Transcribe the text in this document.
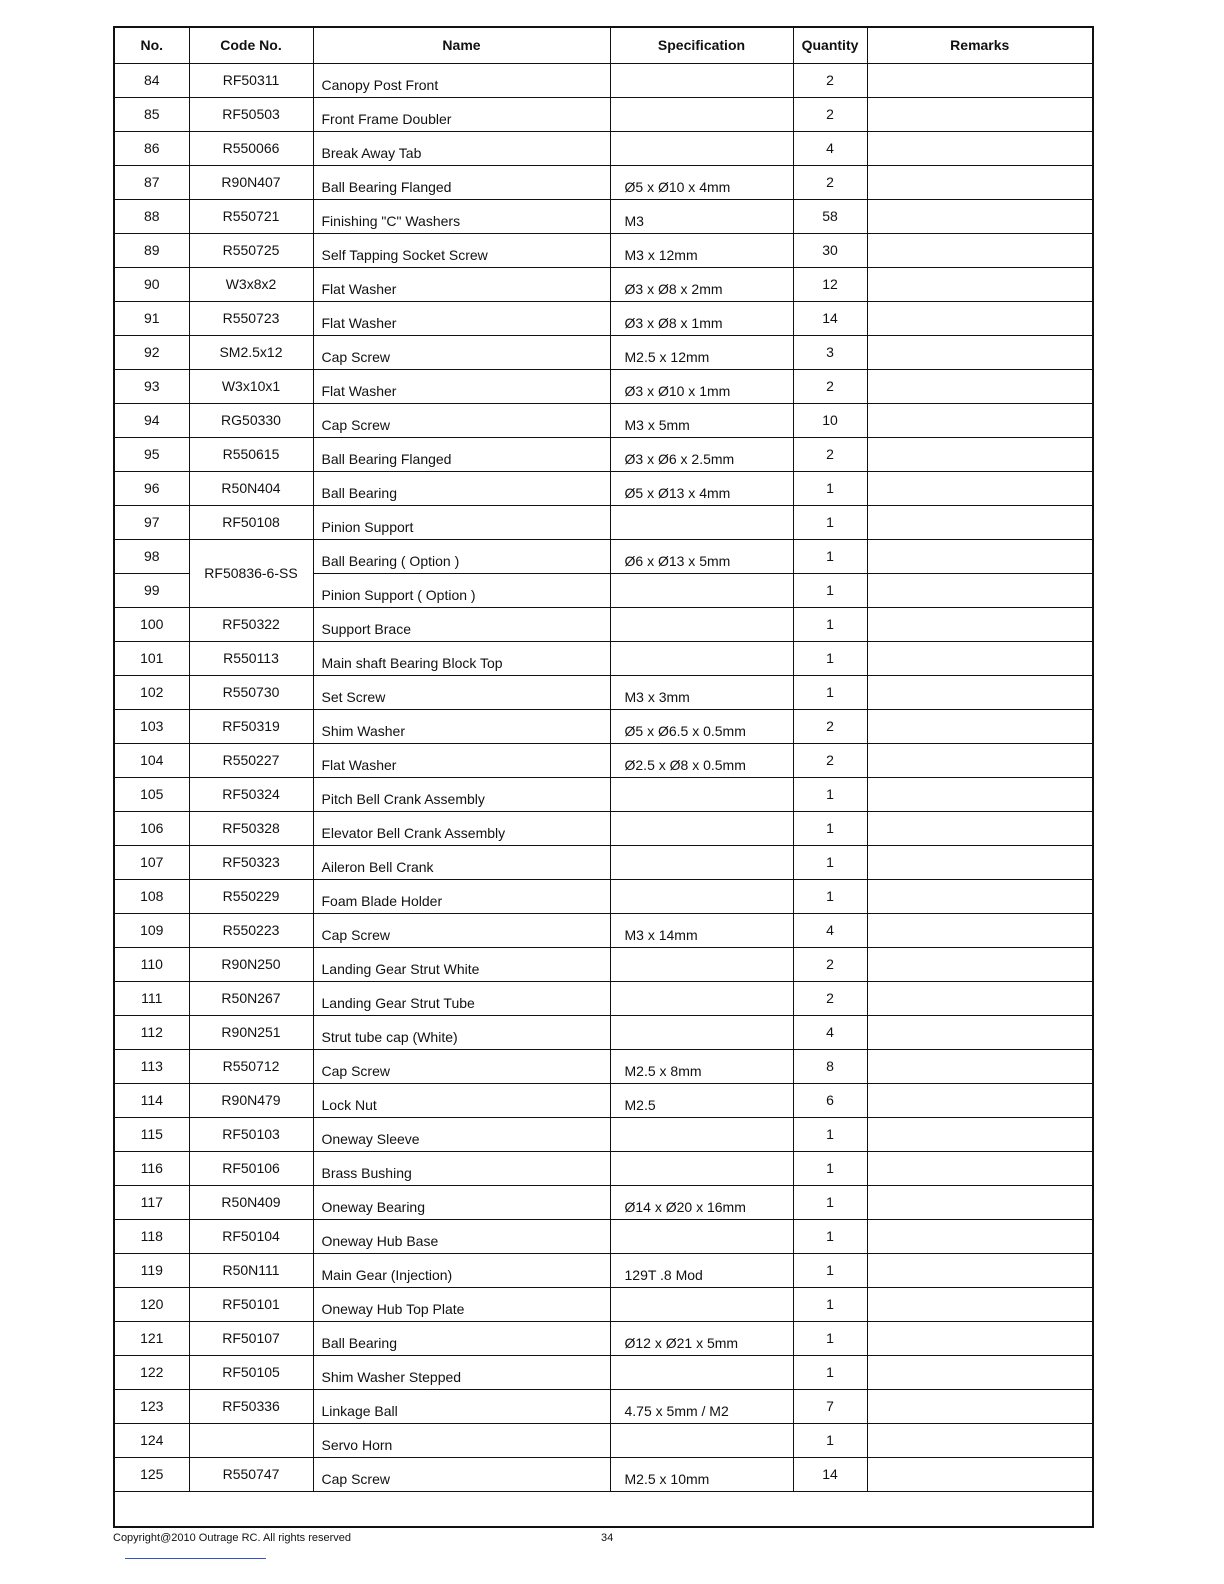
No.	Code No.	Name	Specification	Quantity	Remarks
84	RF50311	Canopy Post Front		2	
85	RF50503	Front Frame Doubler		2	
86	R550066	Break Away Tab		4	
87	R90N407	Ball Bearing Flanged	Ø5 x Ø10 x 4mm	2	
88	R550721	Finishing "C" Washers	M3	58	
89	R550725	Self Tapping Socket Screw	M3 x 12mm	30	
90	W3x8x2	Flat Washer	Ø3 x Ø8 x 2mm	12	
91	R550723	Flat Washer	Ø3 x Ø8 x 1mm	14	
92	SM2.5x12	Cap Screw	M2.5 x 12mm	3	
93	W3x10x1	Flat Washer	Ø3 x Ø10 x 1mm	2	
94	RG50330	Cap Screw	M3 x 5mm	10	
95	R550615	Ball Bearing Flanged	Ø3 x Ø6 x 2.5mm	2	
96	R50N404	Ball Bearing	Ø5 x Ø13 x 4mm	1	
97	RF50108	Pinion Support		1	
98	RF50836-6-SS	Ball Bearing ( Option )	Ø6 x Ø13 x 5mm	1	
99		Pinion Support ( Option )		1	
100	RF50322	Support Brace		1	
101	R550113	Main shaft Bearing Block Top		1	
102	R550730	Set Screw	M3 x 3mm	1	
103	RF50319	Shim Washer	Ø5 x Ø6.5 x 0.5mm	2	
104	R550227	Flat Washer	Ø2.5 x Ø8 x 0.5mm	2	
105	RF50324	Pitch Bell Crank Assembly		1	
106	RF50328	Elevator Bell Crank Assembly		1	
107	RF50323	Aileron Bell Crank		1	
108	R550229	Foam Blade Holder		1	
109	R550223	Cap Screw	M3 x 14mm	4	
110	R90N250	Landing Gear Strut White		2	
111	R50N267	Landing Gear Strut Tube		2	
112	R90N251	Strut tube cap (White)		4	
113	R550712	Cap Screw	M2.5 x 8mm	8	
114	R90N479	Lock Nut	M2.5	6	
115	RF50103	Oneway Sleeve		1	
116	RF50106	Brass Bushing		1	
117	R50N409	Oneway Bearing	Ø14 x Ø20 x 16mm	1	
118	RF50104	Oneway Hub Base		1	
119	R50N111	Main Gear (Injection)	129T .8 Mod	1	
120	RF50101	Oneway Hub Top Plate		1	
121	RF50107	Ball Bearing	Ø12 x Ø21 x 5mm	1	
122	RF50105	Shim Washer Stepped		1	
123	RF50336	Linkage Ball	4.75 x 5mm / M2	7	
124		Servo Horn		1	
125	R550747	Cap Screw	M2.5 x 10mm	14	

Copyright@2010 Outrage RC. All rights reserved	34
